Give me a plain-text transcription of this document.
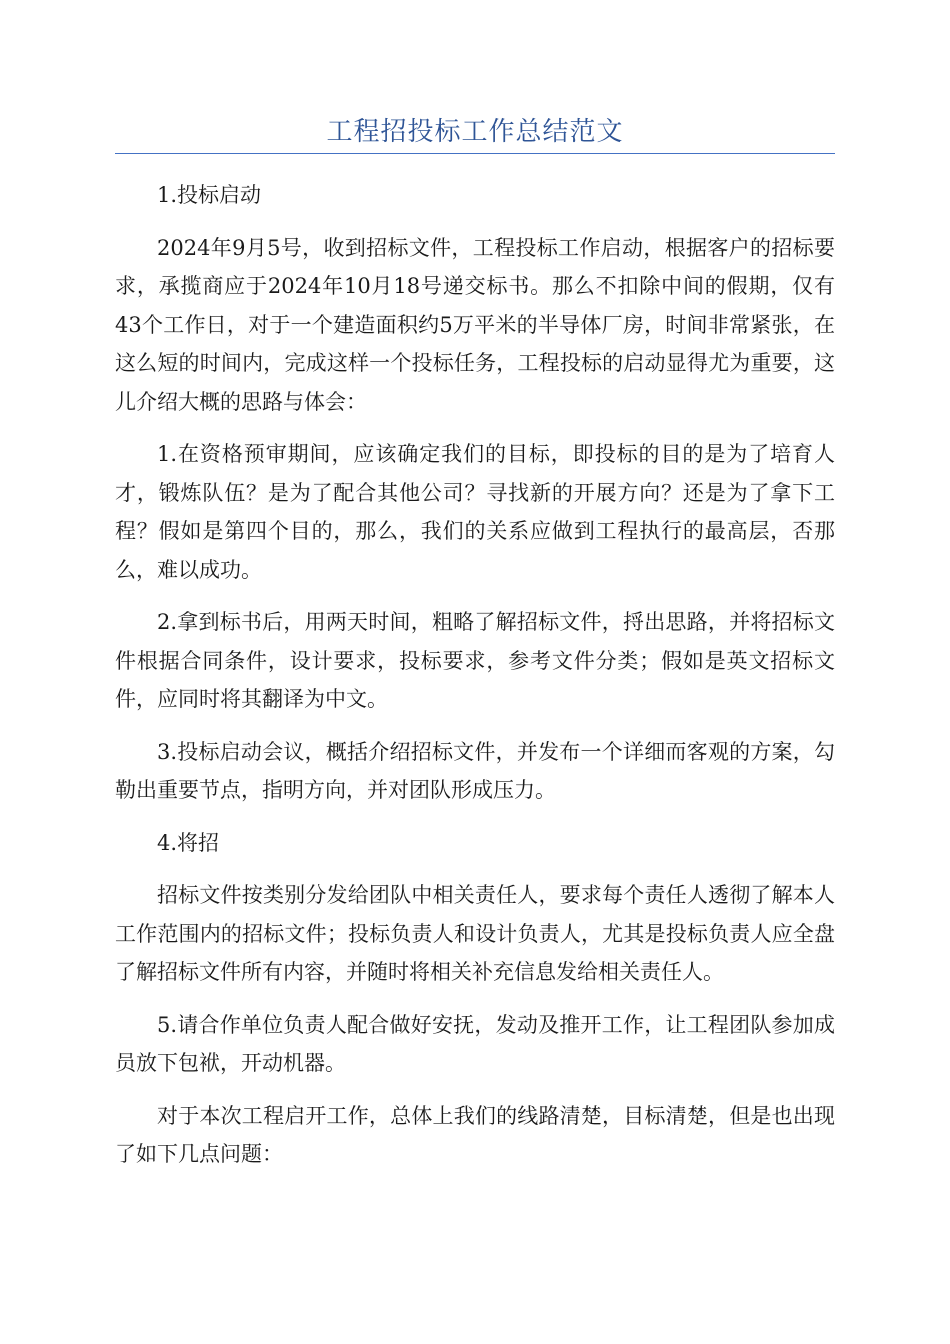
工程招投标工作总结范文

1.投标启动

2024年9月5号，收到招标文件，工程投标工作启动，根据客户的招标要求，承揽商应于2024年10月18号递交标书。那么不扣除中间的假期，仅有43个工作日，对于一个建造面积约5万平米的半导体厂房，时间非常紧张，在这么短的时间内，完成这样一个投标任务，工程投标的启动显得尤为重要，这儿介绍大概的思路与体会：

1.在资格预审期间，应该确定我们的目标，即投标的目的是为了培育人才，锻炼队伍？是为了配合其他公司？寻找新的开展方向？还是为了拿下工程？假如是第四个目的，那么，我们的关系应做到工程执行的最高层，否那么，难以成功。

2.拿到标书后，用两天时间，粗略了解招标文件，捋出思路，并将招标文件根据合同条件，设计要求，投标要求，参考文件分类；假如是英文招标文件，应同时将其翻译为中文。

3.投标启动会议，概括介绍招标文件，并发布一个详细而客观的方案，勾勒出重要节点，指明方向，并对团队形成压力。

4.将招

招标文件按类别分发给团队中相关责任人，要求每个责任人透彻了解本人工作范围内的招标文件；投标负责人和设计负责人，尤其是投标负责人应全盘了解招标文件所有内容，并随时将相关补充信息发给相关责任人。

5.请合作单位负责人配合做好安抚，发动及推开工作，让工程团队参加成员放下包袱，开动机器。

对于本次工程启开工作，总体上我们的线路清楚，目标清楚，但是也出现了如下几点问题：
